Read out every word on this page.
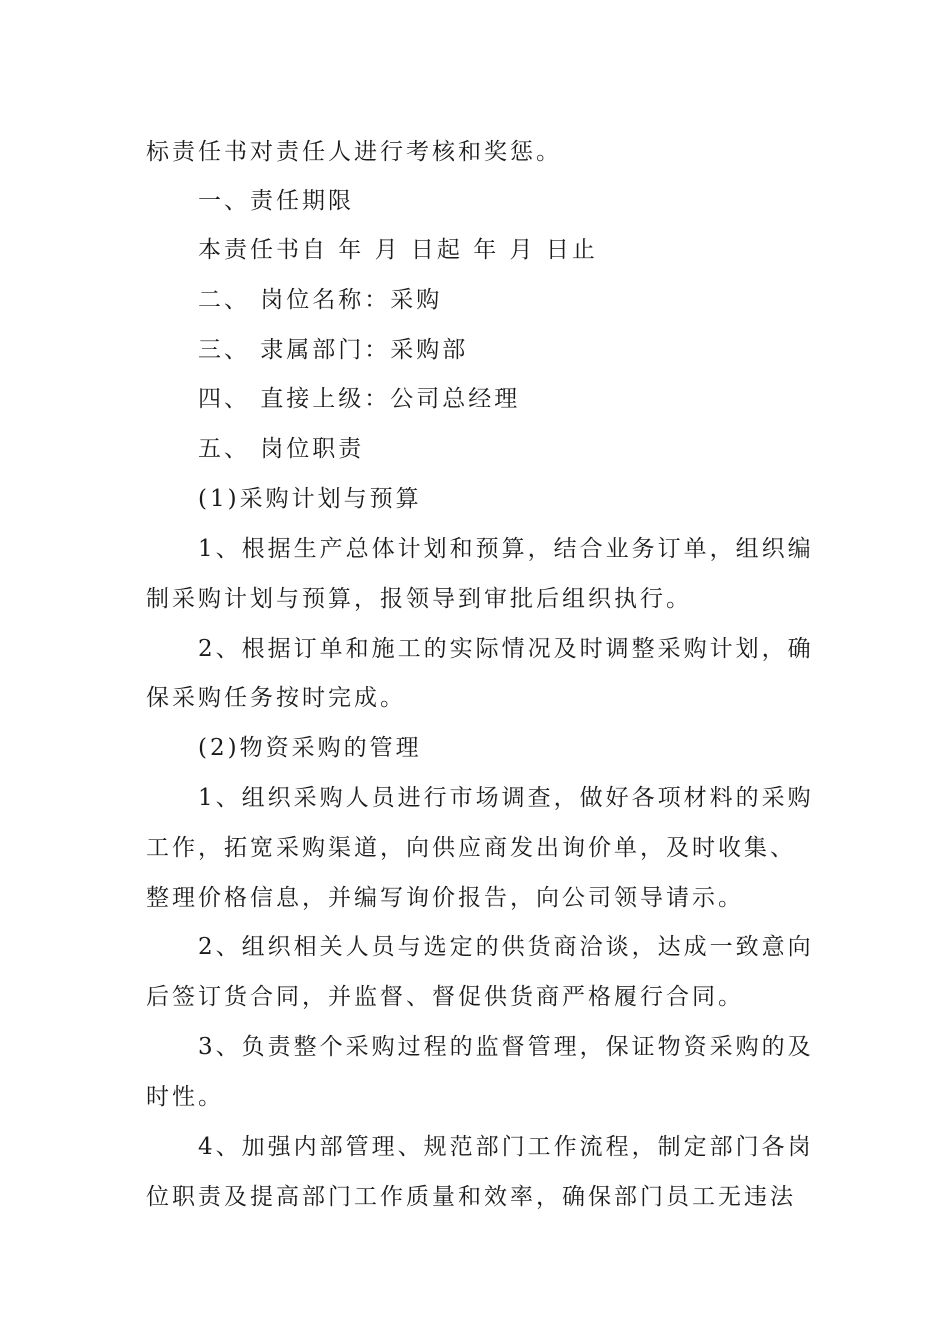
标责任书对责任人进行考核和奖惩。
一、责任期限
本责任书自 年 月 日起 年 月 日止
二、 岗位名称：采购
三、 隶属部门：采购部
四、 直接上级：公司总经理
五、 岗位职责
(1)采购计划与预算
1、根据生产总体计划和预算，结合业务订单，组织编
制采购计划与预算，报领导到审批后组织执行。
2、根据订单和施工的实际情况及时调整采购计划，确
保采购任务按时完成。
(2)物资采购的管理
1、组织采购人员进行市场调查，做好各项材料的采购
工作，拓宽采购渠道，向供应商发出询价单，及时收集、
整理价格信息，并编写询价报告，向公司领导请示。
2、组织相关人员与选定的供货商洽谈，达成一致意向
后签订货合同，并监督、督促供货商严格履行合同。
3、负责整个采购过程的监督管理，保证物资采购的及
时性。
4、加强内部管理、规范部门工作流程，制定部门各岗
位职责及提高部门工作质量和效率，确保部门员工无违法
